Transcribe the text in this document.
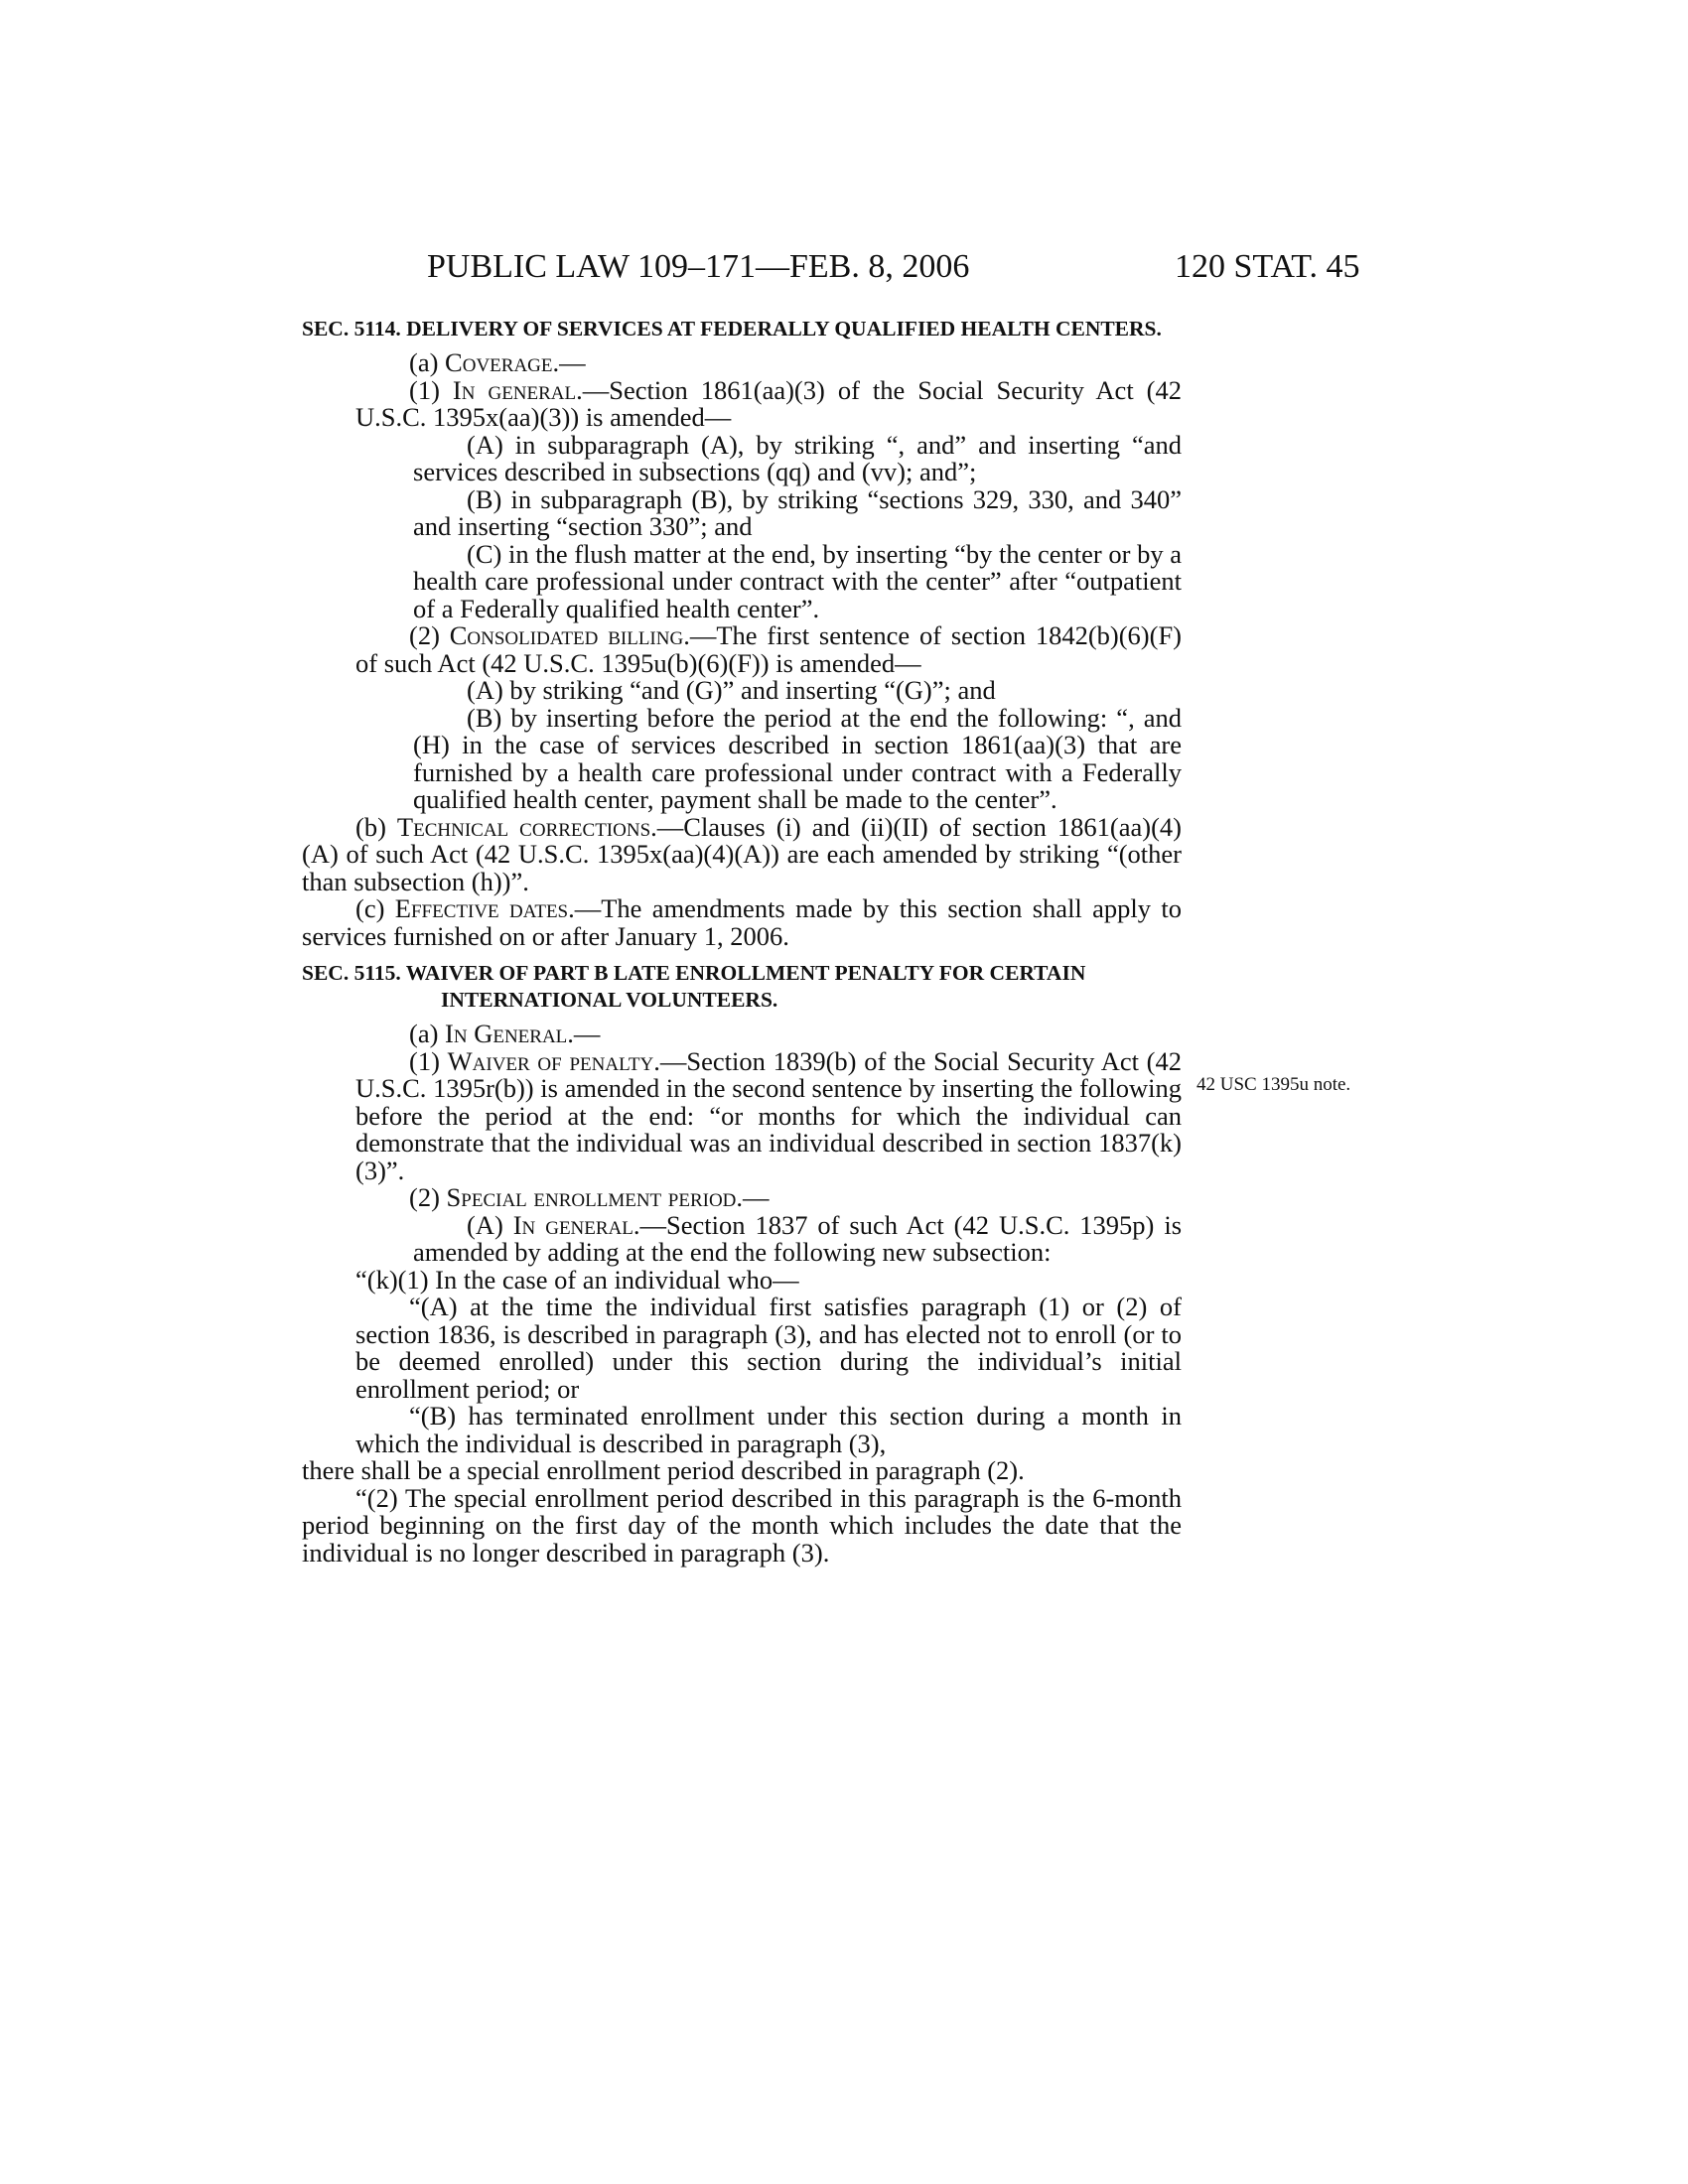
PUBLIC LAW 109–171—FEB. 8, 2006	120 STAT. 45
42 USC 1395u note.

SEC. 5114. DELIVERY OF SERVICES AT FEDERALLY QUALIFIED HEALTH CENTERS.

(a) Coverage.—

(1) In general.—Section 1861(aa)(3) of the Social Security Act (42 U.S.C. 1395x(aa)(3)) is amended—

(A) in subparagraph (A), by striking “, and” and inserting “and services described in subsections (qq) and (vv); and”;

(B) in subparagraph (B), by striking “sections 329, 330, and 340” and inserting “section 330”; and

(C) in the flush matter at the end, by inserting “by the center or by a health care professional under contract with the center” after “outpatient of a Federally qualified health center”.

(2) Consolidated billing.—The first sentence of section 1842(b)(6)(F) of such Act (42 U.S.C. 1395u(b)(6)(F)) is amended—

(A) by striking “and (G)” and inserting “(G)”; and

(B) by inserting before the period at the end the following: “, and (H) in the case of services described in section 1861(aa)(3) that are furnished by a health care professional under contract with a Federally qualified health center, payment shall be made to the center”.

(b) Technical corrections.—Clauses (i) and (ii)(II) of section 1861(aa)(4)(A) of such Act (42 U.S.C. 1395x(aa)(4)(A)) are each amended by striking “(other than subsection (h))”.

(c) Effective dates.—The amendments made by this section shall apply to services furnished on or after January 1, 2006.

SEC. 5115. WAIVER OF PART B LATE ENROLLMENT PENALTY FOR CERTAIN INTERNATIONAL VOLUNTEERS.

(a) In General.—

(1) Waiver of penalty.—Section 1839(b) of the Social Security Act (42 U.S.C. 1395r(b)) is amended in the second sentence by inserting the following before the period at the end: “or months for which the individual can demonstrate that the individual was an individual described in section 1837(k)(3)”.

(2) Special enrollment period.—

(A) In general.—Section 1837 of such Act (42 U.S.C. 1395p) is amended by adding at the end the following new subsection:

“(k)(1) In the case of an individual who—

“(A) at the time the individual first satisfies paragraph (1) or (2) of section 1836, is described in paragraph (3), and has elected not to enroll (or to be deemed enrolled) under this section during the individual’s initial enrollment period; or

“(B) has terminated enrollment under this section during a month in which the individual is described in paragraph (3),

there shall be a special enrollment period described in paragraph (2).

“(2) The special enrollment period described in this paragraph is the 6-month period beginning on the first day of the month which includes the date that the individual is no longer described in paragraph (3).
